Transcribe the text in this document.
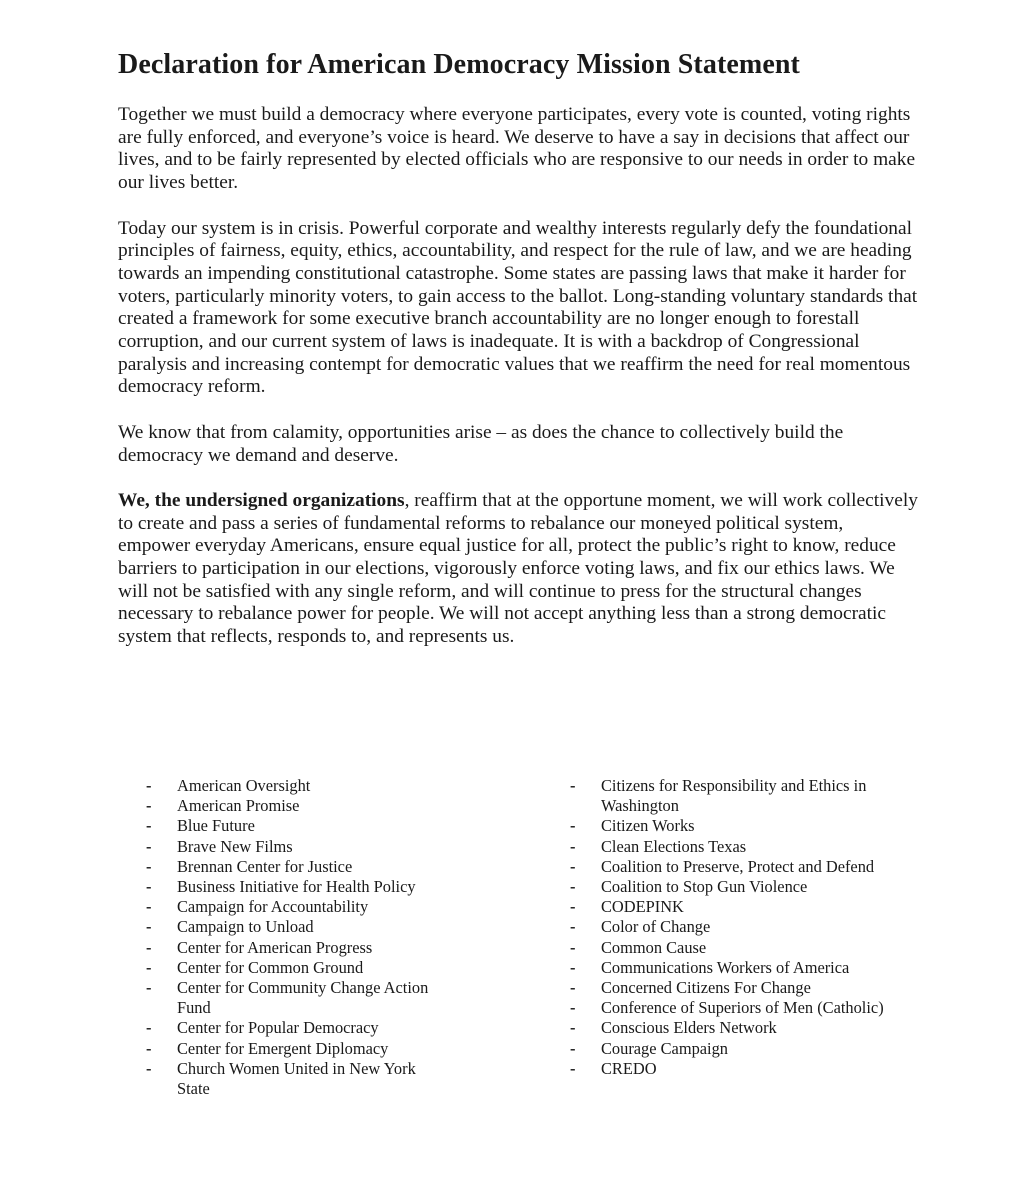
Declaration for American Democracy Mission Statement

Together we must build a democracy where everyone participates, every vote is counted, voting rights are fully enforced, and everyone’s voice is heard. We deserve to have a say in decisions that affect our lives, and to be fairly represented by elected officials who are responsive to our needs in order to make our lives better.

Today our system is in crisis. Powerful corporate and wealthy interests regularly defy the foundational principles of fairness, equity, ethics, accountability, and respect for the rule of law, and we are heading towards an impending constitutional catastrophe. Some states are passing laws that make it harder for voters, particularly minority voters, to gain access to the ballot. Long-standing voluntary standards that created a framework for some executive branch accountability are no longer enough to forestall corruption, and our current system of laws is inadequate. It is with a backdrop of Congressional paralysis and increasing contempt for democratic values that we reaffirm the need for real momentous democracy reform.

We know that from calamity, opportunities arise – as does the chance to collectively build the democracy we demand and deserve.

We, the undersigned organizations, reaffirm that at the opportune moment, we will work collectively to create and pass a series of fundamental reforms to rebalance our moneyed political system, empower everyday Americans, ensure equal justice for all, protect the public’s right to know, reduce barriers to participation in our elections, vigorously enforce voting laws, and fix our ethics laws. We will not be satisfied with any single reform, and will continue to press for the structural changes necessary to rebalance power for people. We will not accept anything less than a strong democratic system that reflects, responds to, and represents us.

- American Oversight
- American Promise
- Blue Future
- Brave New Films
- Brennan Center for Justice
- Business Initiative for Health Policy
- Campaign for Accountability
- Campaign to Unload
- Center for American Progress
- Center for Common Ground
- Center for Community Change Action Fund
- Center for Popular Democracy
- Center for Emergent Diplomacy
- Church Women United in New York State
- Citizens for Responsibility and Ethics in Washington
- Citizen Works
- Clean Elections Texas
- Coalition to Preserve, Protect and Defend
- Coalition to Stop Gun Violence
- CODEPINK
- Color of Change
- Common Cause
- Communications Workers of America
- Concerned Citizens For Change
- Conference of Superiors of Men (Catholic)
- Conscious Elders Network
- Courage Campaign
- CREDO
